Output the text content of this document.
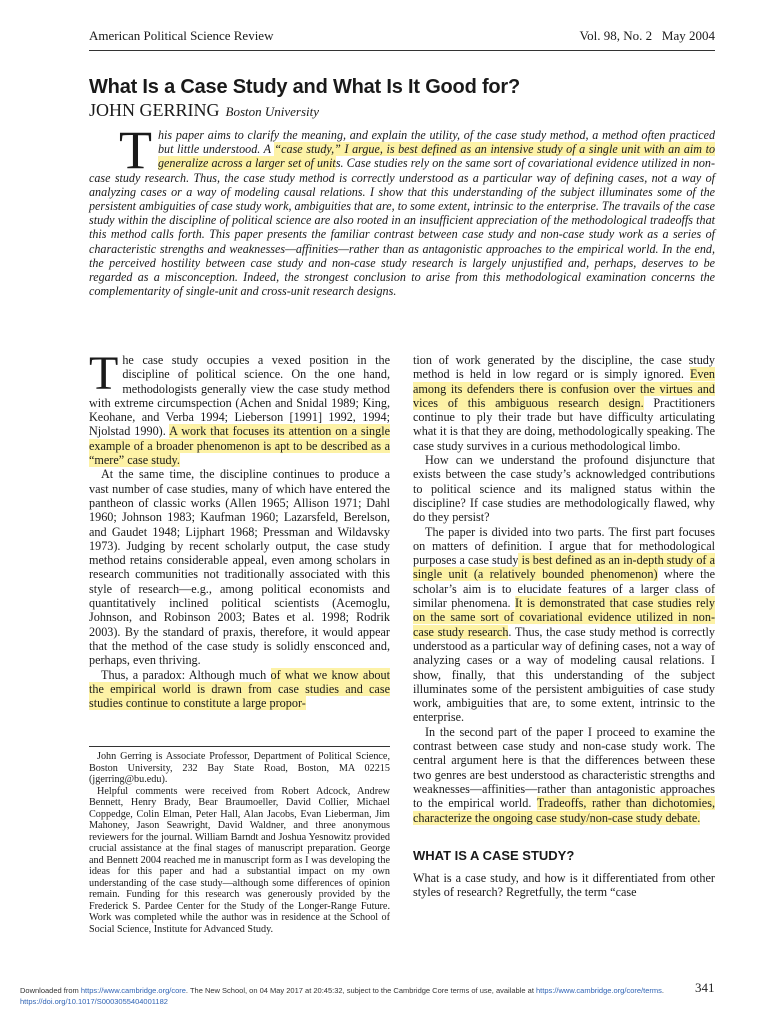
American Political Science Review	Vol. 98, No. 2   May 2004
What Is a Case Study and What Is It Good for?
JOHN GERRING Boston University
This paper aims to clarify the meaning, and explain the utility, of the case study method, a method often practiced but little understood. A “case study,” I argue, is best defined as an intensive study of a single unit with an aim to generalize across a larger set of units. Case studies rely on the same sort of covariational evidence utilized in non-case study research. Thus, the case study method is correctly understood as a particular way of defining cases, not a way of analyzing cases or a way of modeling causal relations. I show that this understanding of the subject illuminates some of the persistent ambiguities of case study work, ambiguities that are, to some extent, intrinsic to the enterprise. The travails of the case study within the discipline of political science are also rooted in an insufficient appreciation of the methodological tradeoffs that this method calls forth. This paper presents the familiar contrast between case study and non-case study work as a series of characteristic strengths and weaknesses—affinities—rather than as antagonistic approaches to the empirical world. In the end, the perceived hostility between case study and non-case study research is largely unjustified and, perhaps, deserves to be regarded as a misconception. Indeed, the strongest conclusion to arise from this methodological examination concerns the complementarity of single-unit and cross-unit research designs.

The case study occupies a vexed position in the discipline of political science. On the one hand, methodologists generally view the case study method with extreme circumspection (Achen and Snidal 1989; King, Keohane, and Verba 1994; Lieberson [1991] 1992, 1994; Njolstad 1990). A work that focuses its attention on a single example of a broader phenomenon is apt to be described as a “mere” case study.

At the same time, the discipline continues to produce a vast number of case studies, many of which have entered the pantheon of classic works (Allen 1965; Allison 1971; Dahl 1960; Johnson 1983; Kaufman 1960; Lazarsfeld, Berelson, and Gaudet 1948; Lijphart 1968; Pressman and Wildavsky 1973). Judging by recent scholarly output, the case study method retains considerable appeal, even among scholars in research communities not traditionally associated with this style of research—e.g., among political economists and quantitatively inclined political scientists (Acemoglu, Johnson, and Robinson 2003; Bates et al. 1998; Rodrik 2003). By the standard of praxis, therefore, it would appear that the method of the case study is solidly ensconced and, perhaps, even thriving.

Thus, a paradox: Although much of what we know about the empirical world is drawn from case studies and case studies continue to constitute a large propor-

John Gerring is Associate Professor, Department of Political Science, Boston University, 232 Bay State Road, Boston, MA 02215 (jgerring@bu.edu).

Helpful comments were received from Robert Adcock, Andrew Bennett, Henry Brady, Bear Braumoeller, David Collier, Michael Coppedge, Colin Elman, Peter Hall, Alan Jacobs, Evan Lieberman, Jim Mahoney, Jason Seawright, David Waldner, and three anonymous reviewers for the journal. William Barndt and Joshua Yesnowitz provided crucial assistance at the final stages of manuscript preparation. George and Bennett 2004 reached me in manuscript form as I was developing the ideas for this paper and had a substantial impact on my own understanding of the case study—although some differences of opinion remain. Funding for this research was generously provided by the Frederick S. Pardee Center for the Study of the Longer-Range Future. Work was completed while the author was in residence at the School of Social Science, Institute for Advanced Study.

tion of work generated by the discipline, the case study method is held in low regard or is simply ignored. Even among its defenders there is confusion over the virtues and vices of this ambiguous research design. Practitioners continue to ply their trade but have difficulty articulating what it is that they are doing, methodologically speaking. The case study survives in a curious methodological limbo.

How can we understand the profound disjuncture that exists between the case study’s acknowledged contributions to political science and its maligned status within the discipline? If case studies are methodologically flawed, why do they persist?

The paper is divided into two parts. The first part focuses on matters of definition. I argue that for methodological purposes a case study is best defined as an in-depth study of a single unit (a relatively bounded phenomenon) where the scholar’s aim is to elucidate features of a larger class of similar phenomena. It is demonstrated that case studies rely on the same sort of covariational evidence utilized in non-case study research. Thus, the case study method is correctly understood as a particular way of defining cases, not a way of analyzing cases or a way of modeling causal relations. I show, finally, that this understanding of the subject illuminates some of the persistent ambiguities of case study work, ambiguities that are, to some extent, intrinsic to the enterprise.

In the second part of the paper I proceed to examine the contrast between case study and non-case study work. The central argument here is that the differences between these two genres are best understood as characteristic strengths and weaknesses—affinities—rather than antagonistic approaches to the empirical world. Tradeoffs, rather than dichotomies, characterize the ongoing case study/non-case study debate.

WHAT IS A CASE STUDY?

What is a case study, and how is it differentiated from other styles of research? Regretfully, the term “case

Downloaded from https://www.cambridge.org/core. The New School, on 04 May 2017 at 20:45:32, subject to the Cambridge Core terms of use, available at https://www.cambridge.org/core/terms.
https://doi.org/10.1017/S0003055404001182
341
